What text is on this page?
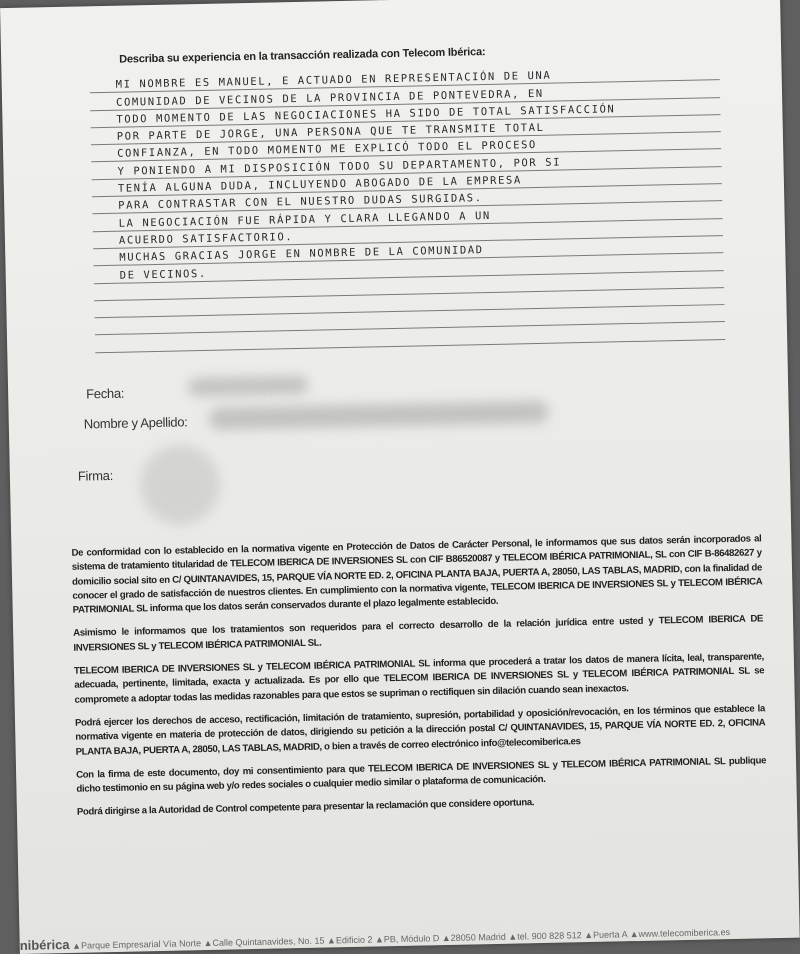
Describa su experiencia en la transacción realizada con Telecom Ibérica:
MI NOMBRE ES MANUEL, E ACTUADO EN REPRESENTACIÓN DE UNA
COMUNIDAD DE VECINOS DE LA PROVINCIA DE PONTEVEDRA, EN
TODO MOMENTO DE LAS NEGOCIACIONES HA SIDO DE TOTAL SATISFACCIÓN
POR PARTE DE JORGE, UNA PERSONA QUE TE TRANSMITE TOTAL
CONFIANZA, EN TODO MOMENTO ME EXPLICÓ TODO EL PROCESO
Y PONIENDO A MI DISPOSICIÓN TODO SU DEPARTAMENTO, POR SI
TENÍA ALGUNA DUDA, INCLUYENDO ABOGADO DE LA EMPRESA
PARA CONTRASTAR CON EL NUESTRO DUDAS SURGIDAS.
LA NEGOCIACIÓN FUE RÁPIDA Y CLARA LLEGANDO A UN
ACUERDO SATISFACTORIO.
MUCHAS GRACIAS JORGE EN NOMBRE DE LA COMUNIDAD
DE VECINOS.
Fecha:
Nombre y Apellido:
Firma:

De conformidad con lo establecido en la normativa vigente en Protección de Datos de Carácter Personal, le informamos que sus datos serán incorporados al sistema de tratamiento titularidad de TELECOM IBERICA DE INVERSIONES SL con CIF B86520087 y TELECOM IBÉRICA PATRIMONIAL, SL con CIF B-86482627 y domicilio social sito en C/ QUINTANAVIDES, 15, PARQUE VÍA NORTE ED. 2, OFICINA PLANTA BAJA, PUERTA A, 28050, LAS TABLAS, MADRID, con la finalidad de conocer el grado de satisfacción de nuestros clientes. En cumplimiento con la normativa vigente, TELECOM IBERICA DE INVERSIONES SL y TELECOM IBÉRICA PATRIMONIAL SL informa que los datos serán conservados durante el plazo legalmente establecido.

Asimismo le informamos que los tratamientos son requeridos para el correcto desarrollo de la relación jurídica entre usted y TELECOM IBERICA DE INVERSIONES SL y TELECOM IBÉRICA PATRIMONIAL SL.

TELECOM IBERICA DE INVERSIONES SL y TELECOM IBÉRICA PATRIMONIAL SL informa que procederá a tratar los datos de manera lícita, leal, transparente, adecuada, pertinente, limitada, exacta y actualizada. Es por ello que TELECOM IBERICA DE INVERSIONES SL y TELECOM IBÉRICA PATRIMONIAL SL se compromete a adoptar todas las medidas razonables para que estos se supriman o rectifiquen sin dilación cuando sean inexactos.

Podrá ejercer los derechos de acceso, rectificación, limitación de tratamiento, supresión, portabilidad y oposición/revocación, en los términos que establece la normativa vigente en materia de protección de datos, dirigiendo su petición a la dirección postal C/ QUINTANAVIDES, 15, PARQUE VÍA NORTE ED. 2, OFICINA PLANTA BAJA, PUERTA A, 28050, LAS TABLAS, MADRID, o bien a través de correo electrónico info@telecomiberica.es

Con la firma de este documento, doy mi consentimiento para que TELECOM IBERICA DE INVERSIONES SL y TELECOM IBÉRICA PATRIMONIAL SL publique dicho testimonio en su página web y/o redes sociales o cualquier medio similar o plataforma de comunicación.

Podrá dirigirse a la Autoridad de Control competente para presentar la reclamación que considere oportuna.

nibérica ▲Parque Empresarial Vía Norte ▲Calle Quintanavides, No. 15 ▲Edificio 2 ▲PB, Módulo D ▲28050 Madrid ▲tel. 900 828 512 ▲Puerta A ▲www.telecomiberica.es
